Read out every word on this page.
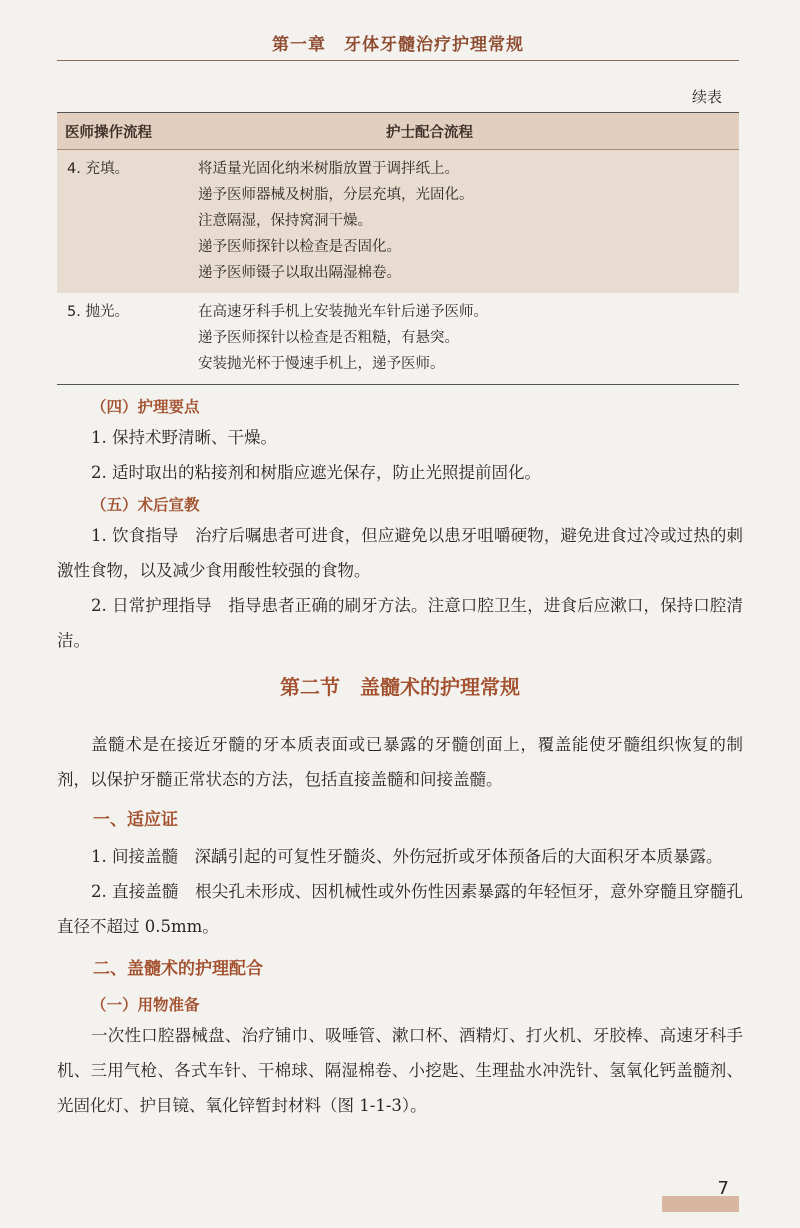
第一章　牙体牙髓治疗护理常规
续表
医师操作流程	护士配合流程
4. 充填。	将适量光固化纳米树脂放置于调拌纸上。
递予医师器械及树脂，分层充填，光固化。
注意隔湿，保持窝洞干燥。
递予医师探针以检查是否固化。
递予医师镊子以取出隔湿棉卷。
5. 抛光。	在高速牙科手机上安装抛光车针后递予医师。
递予医师探针以检查是否粗糙，有悬突。
安装抛光杯于慢速手机上，递予医师。
（四）护理要点

1. 保持术野清晰、干燥。

2. 适时取出的粘接剂和树脂应遮光保存，防止光照提前固化。

（五）术后宣教

1. 饮食指导　治疗后嘱患者可进食，但应避免以患牙咀嚼硬物，避免进食过冷或过热的刺激性食物，以及减少食用酸性较强的食物。

2. 日常护理指导　指导患者正确的刷牙方法。注意口腔卫生，进食后应漱口，保持口腔清洁。

第二节　盖髓术的护理常规

盖髓术是在接近牙髓的牙本质表面或已暴露的牙髓创面上，覆盖能使牙髓组织恢复的制剂，以保护牙髓正常状态的方法，包括直接盖髓和间接盖髓。

一、适应证

1. 间接盖髓　深龋引起的可复性牙髓炎、外伤冠折或牙体预备后的大面积牙本质暴露。

2. 直接盖髓　根尖孔未形成、因机械性或外伤性因素暴露的年轻恒牙，意外穿髓且穿髓孔直径不超过 0.5mm。

二、盖髓术的护理配合
（一）用物准备

一次性口腔器械盘、治疗铺巾、吸唾管、漱口杯、酒精灯、打火机、牙胶棒、高速牙科手机、三用气枪、各式车针、干棉球、隔湿棉卷、小挖匙、生理盐水冲洗针、氢氧化钙盖髓剂、光固化灯、护目镜、氧化锌暂封材料（图 1-1-3）。

7
